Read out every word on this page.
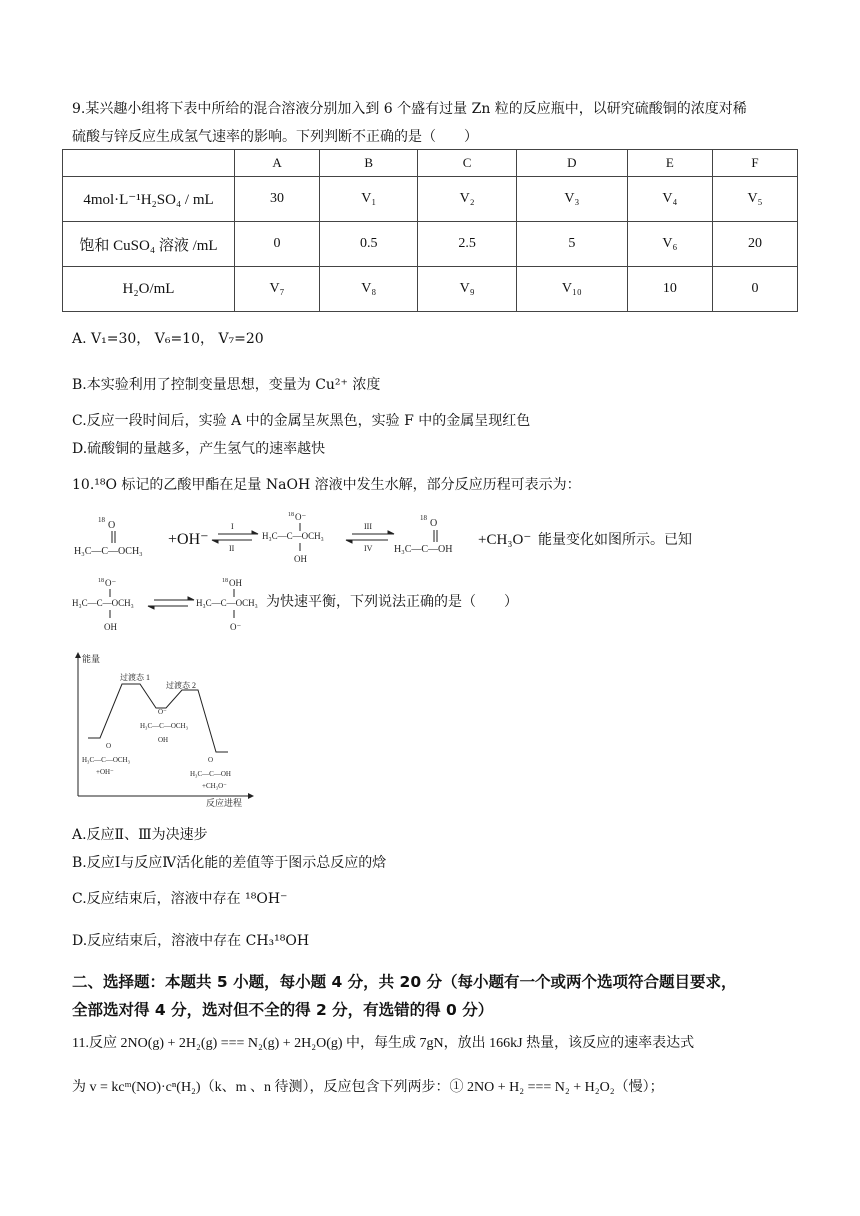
9.某兴趣小组将下表中所给的混合溶液分别加入到 6 个盛有过量 Zn 粒的反应瓶中，以研究硫酸铜的浓度对稀
硫酸与锌反应生成氢气速率的影响。下列判断不正确的是（　　）
	A	B	C	D	E	F
4mol·L⁻¹H₂SO₄ / mL	30	V₁	V₂	V₃	V₄	V₅
饱和 CuSO₄ 溶液 /mL	0	0.5	2.5	5	V₆	20
H₂O/mL	V₇	V₈	V₉	V₁₀	10	0
A. V₁=30， V₆=10， V₇=20
B.本实验利用了控制变量思想，变量为 Cu²⁺ 浓度
C.反应一段时间后，实验 A 中的金属呈灰黑色，实验 F 中的金属呈现红色
D.硫酸铜的量越多，产生氢气的速率越快
10.¹⁸O 标记的乙酸甲酯在足量 NaOH 溶液中发生水解，部分反应历程可表示为：
18 O
H₃C—C—OCH₃
+OH⁻
I
II
18 O⁻
H₃C—C—OCH₃
OH
III
IV
18 O
H₃C—C—OH
+CH₃O⁻ 能量变化如图所示。已知
18 O⁻
H₃C—C—OCH₃
OH
18 OH
H₃C—C—OCH₃
O⁻
为快速平衡，下列说法正确的是（　　）
能量
反应进程
过渡态 1
过渡态 2
O⁻
H₃C—C—OCH₃
OH
O
H₃C—C—OCH₃
+OH⁻
O
H₃C—C—OH
+CH₃O⁻
A.反应Ⅱ、Ⅲ为决速步
B.反应Ⅰ与反应Ⅳ活化能的差值等于图示总反应的焓
C.反应结束后，溶液中存在 ¹⁸OH⁻
D.反应结束后，溶液中存在 CH₃¹⁸OH
二、选择题：本题共 5 小题，每小题 4 分，共 20 分（每小题有一个或两个选项符合题目要求，
全部选对得 4 分，选对但不全的得 2 分，有选错的得 0 分）
11.反应 2NO(g) + 2H₂(g) === N₂(g) + 2H₂O(g) 中，每生成 7gN，放出 166kJ 热量，该反应的速率表达式
为 v = kcᵐ(NO)·cⁿ(H₂)（k、m 、n 待测），反应包含下列两步：① 2NO + H₂ === N₂ + H₂O₂（慢）；
